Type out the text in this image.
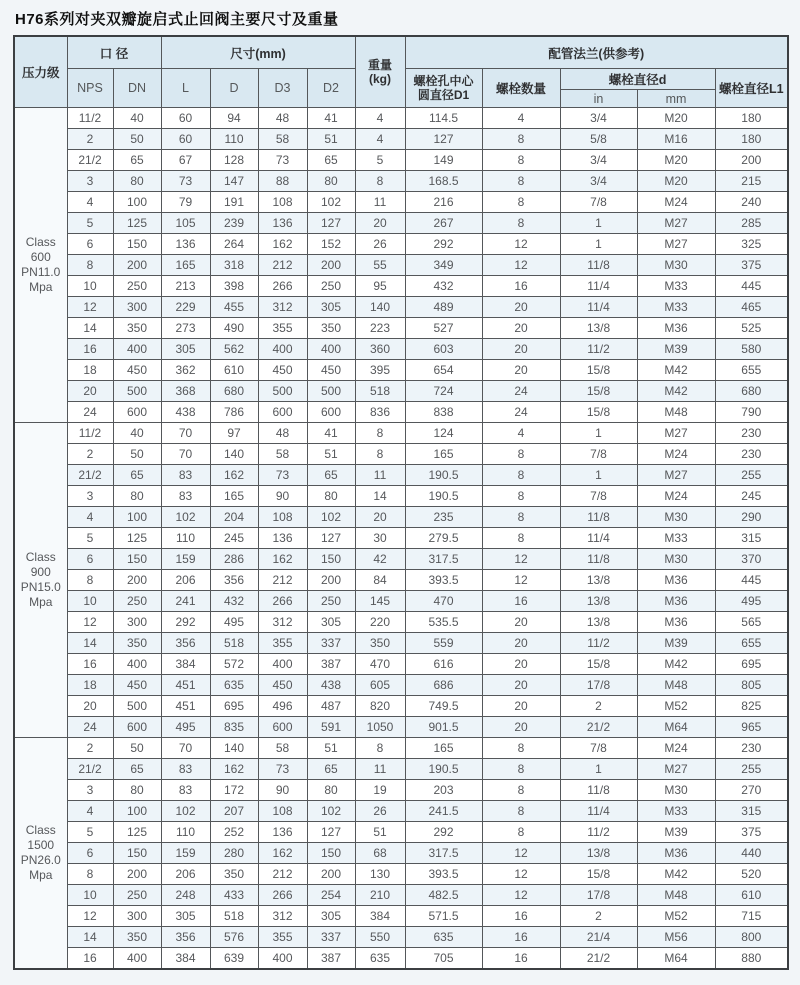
H76系列对夹双瓣旋启式止回阀主要尺寸及重量
压力级	口 径		尺寸(mm)				重量
(kg)	配管法兰(供参考)				
	NPS	DN	L	D	D3	D2		螺栓孔中心
圆直径D1	螺栓数量	螺栓直径d		螺栓直径L1
										in	mm	
Class
600
PN11.0
Mpa	11/2	40	60	94	48	41	4	114.5	4	3/4	M20	180
	2	50	60	110	58	51	4	127	8	5/8	M16	180
	21/2	65	67	128	73	65	5	149	8	3/4	M20	200
	3	80	73	147	88	80	8	168.5	8	3/4	M20	215
	4	100	79	191	108	102	11	216	8	7/8	M24	240
	5	125	105	239	136	127	20	267	8	1	M27	285
	6	150	136	264	162	152	26	292	12	1	M27	325
	8	200	165	318	212	200	55	349	12	11/8	M30	375
	10	250	213	398	266	250	95	432	16	11/4	M33	445
	12	300	229	455	312	305	140	489	20	11/4	M33	465
	14	350	273	490	355	350	223	527	20	13/8	M36	525
	16	400	305	562	400	400	360	603	20	11/2	M39	580
	18	450	362	610	450	450	395	654	20	15/8	M42	655
	20	500	368	680	500	500	518	724	24	15/8	M42	680
	24	600	438	786	600	600	836	838	24	15/8	M48	790
Class
900
PN15.0
Mpa	11/2	40	70	97	48	41	8	124	4	1	M27	230
	2	50	70	140	58	51	8	165	8	7/8	M24	230
	21/2	65	83	162	73	65	11	190.5	8	1	M27	255
	3	80	83	165	90	80	14	190.5	8	7/8	M24	245
	4	100	102	204	108	102	20	235	8	11/8	M30	290
	5	125	110	245	136	127	30	279.5	8	11/4	M33	315
	6	150	159	286	162	150	42	317.5	12	11/8	M30	370
	8	200	206	356	212	200	84	393.5	12	13/8	M36	445
	10	250	241	432	266	250	145	470	16	13/8	M36	495
	12	300	292	495	312	305	220	535.5	20	13/8	M36	565
	14	350	356	518	355	337	350	559	20	11/2	M39	655
	16	400	384	572	400	387	470	616	20	15/8	M42	695
	18	450	451	635	450	438	605	686	20	17/8	M48	805
	20	500	451	695	496	487	820	749.5	20	2	M52	825
	24	600	495	835	600	591	1050	901.5	20	21/2	M64	965
Class
1500
PN26.0
Mpa	2	50	70	140	58	51	8	165	8	7/8	M24	230
	21/2	65	83	162	73	65	11	190.5	8	1	M27	255
	3	80	83	172	90	80	19	203	8	11/8	M30	270
	4	100	102	207	108	102	26	241.5	8	11/4	M33	315
	5	125	110	252	136	127	51	292	8	11/2	M39	375
	6	150	159	280	162	150	68	317.5	12	13/8	M36	440
	8	200	206	350	212	200	130	393.5	12	15/8	M42	520
	10	250	248	433	266	254	210	482.5	12	17/8	M48	610
	12	300	305	518	312	305	384	571.5	16	2	M52	715
	14	350	356	576	355	337	550	635	16	21/4	M56	800
	16	400	384	639	400	387	635	705	16	21/2	M64	880
